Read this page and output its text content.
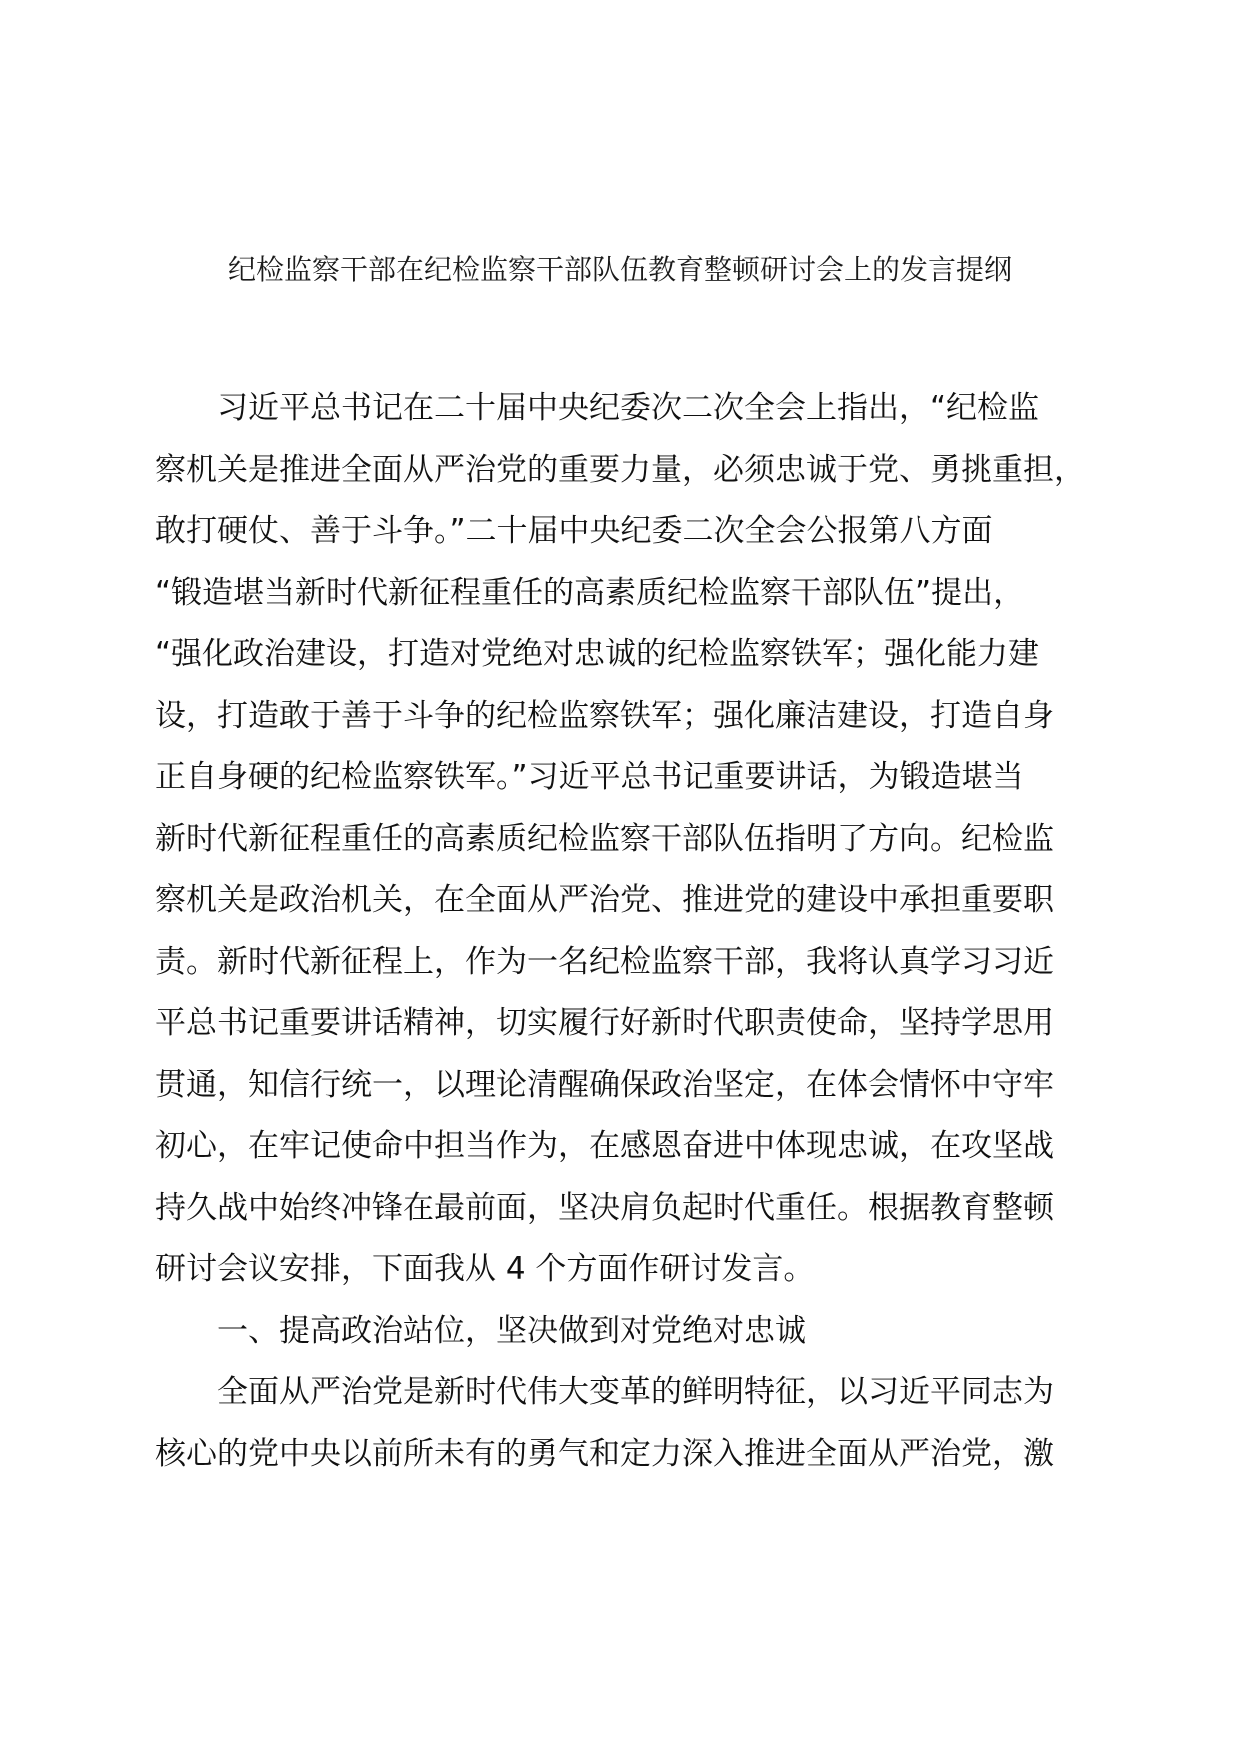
纪检监察干部在纪检监察干部队伍教育整顿研讨会上的发言提纲
习近平总书记在二十届中央纪委次二次全会上指出，“纪检监
察机关是推进全面从严治党的重要力量，必须忠诚于党、勇挑重担，
敢打硬仗、善于斗争。”二十届中央纪委二次全会公报第八方面
“锻造堪当新时代新征程重任的高素质纪检监察干部队伍”提出，
“强化政治建设，打造对党绝对忠诚的纪检监察铁军；强化能力建
设，打造敢于善于斗争的纪检监察铁军；强化廉洁建设，打造自身
正自身硬的纪检监察铁军。”习近平总书记重要讲话，为锻造堪当
新时代新征程重任的高素质纪检监察干部队伍指明了方向。纪检监
察机关是政治机关，在全面从严治党、推进党的建设中承担重要职
责。新时代新征程上，作为一名纪检监察干部，我将认真学习习近
平总书记重要讲话精神，切实履行好新时代职责使命，坚持学思用
贯通，知信行统一，以理论清醒确保政治坚定，在体会情怀中守牢
初心，在牢记使命中担当作为，在感恩奋进中体现忠诚，在攻坚战
持久战中始终冲锋在最前面，坚决肩负起时代重任。根据教育整顿
研讨会议安排，下面我从 4 个方面作研讨发言。
一、提高政治站位，坚决做到对党绝对忠诚
全面从严治党是新时代伟大变革的鲜明特征，以习近平同志为
核心的党中央以前所未有的勇气和定力深入推进全面从严治党，激
